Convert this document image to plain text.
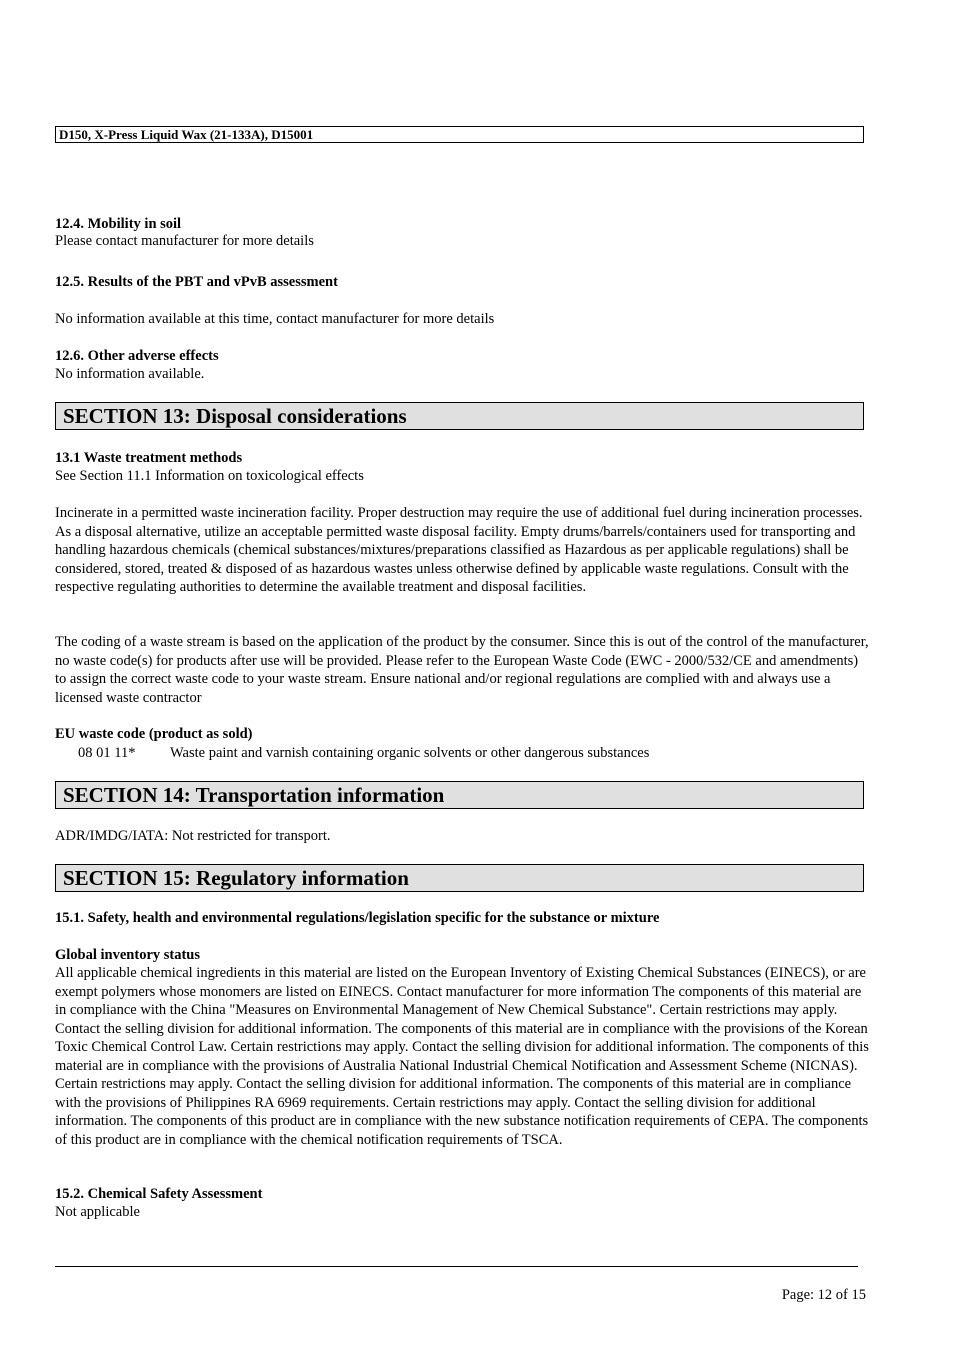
D150, X-Press Liquid Wax (21-133A), D15001
12.4. Mobility in soil
Please contact manufacturer for more details
12.5. Results of the PBT and vPvB assessment
No information available at this time, contact manufacturer for more details
12.6. Other adverse effects
No information available.
SECTION 13: Disposal considerations
13.1 Waste treatment methods
See Section 11.1 Information on toxicological effects
Incinerate in a permitted waste incineration facility. Proper destruction may require the use of additional fuel during incineration processes. As a disposal alternative, utilize an acceptable permitted waste disposal facility. Empty drums/barrels/containers used for transporting and handling hazardous chemicals (chemical substances/mixtures/preparations classified as Hazardous as per applicable regulations) shall be considered, stored, treated & disposed of as hazardous wastes unless otherwise defined by applicable waste regulations. Consult with the respective regulating authorities to determine the available treatment and disposal facilities.
The coding of a waste stream is based on the application of the product by the consumer. Since this is out of the control of the manufacturer, no waste code(s) for products after use will be provided. Please refer to the European Waste Code (EWC - 2000/532/CE and amendments) to assign the correct waste code to your waste stream. Ensure national and/or regional regulations are complied with and always use a licensed waste contractor
EU waste code (product as sold)
08 01 11* Waste paint and varnish containing organic solvents or other dangerous substances
SECTION 14: Transportation information
ADR/IMDG/IATA: Not restricted for transport.
SECTION 15: Regulatory information
15.1. Safety, health and environmental regulations/legislation specific for the substance or mixture
Global inventory status
All applicable chemical ingredients in this material are listed on the European Inventory of Existing Chemical Substances (EINECS), or are exempt polymers whose monomers are listed on EINECS. Contact manufacturer for more information The components of this material are in compliance with the China "Measures on Environmental Management of New Chemical Substance". Certain restrictions may apply. Contact the selling division for additional information. The components of this material are in compliance with the provisions of the Korean Toxic Chemical Control Law. Certain restrictions may apply. Contact the selling division for additional information. The components of this material are in compliance with the provisions of Australia National Industrial Chemical Notification and Assessment Scheme (NICNAS). Certain restrictions may apply. Contact the selling division for additional information. The components of this material are in compliance with the provisions of Philippines RA 6969 requirements. Certain restrictions may apply. Contact the selling division for additional information. The components of this product are in compliance with the new substance notification requirements of CEPA. The components of this product are in compliance with the chemical notification requirements of TSCA.
15.2. Chemical Safety Assessment
Not applicable
Page: 12 of 15
